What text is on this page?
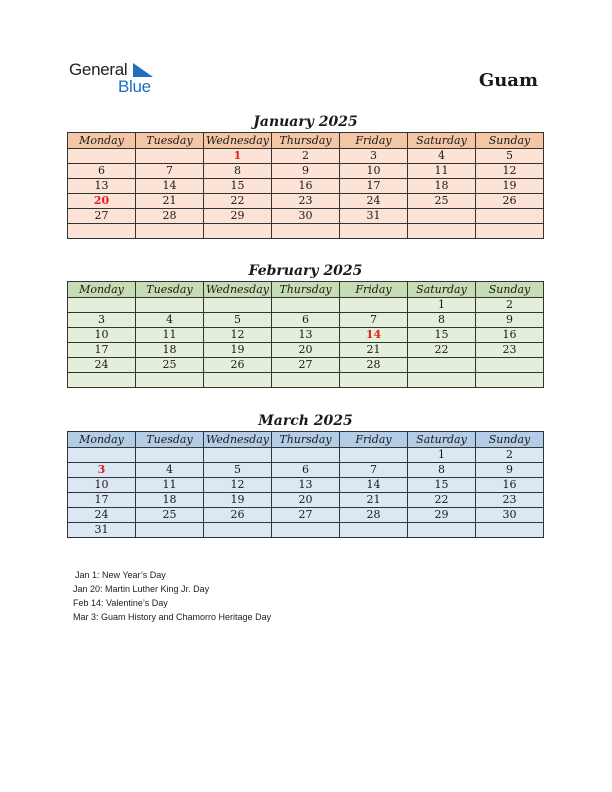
General
Blue	Guam
January 2025
Monday	Tuesday	Wednesday	Thursday	Friday	Saturday	Sunday
		1	2	3	4	5
6	7	8	9	10	11	12
13	14	15	16	17	18	19
20	21	22	23	24	25	26
27	28	29	30	31		

February 2025
Monday	Tuesday	Wednesday	Thursday	Friday	Saturday	Sunday
					1	2
3	4	5	6	7	8	9
10	11	12	13	14	15	16
17	18	19	20	21	22	23
24	25	26	27	28		

March 2025
Monday	Tuesday	Wednesday	Thursday	Friday	Saturday	Sunday
					1	2
3	4	5	6	7	8	9
10	11	12	13	14	15	16
17	18	19	20	21	22	23
24	25	26	27	28	29	30
31						
Jan 1: New Year’s Day
Jan 20: Martin Luther King Jr. Day
Feb 14: Valentine’s Day
Mar 3: Guam History and Chamorro Heritage Day
